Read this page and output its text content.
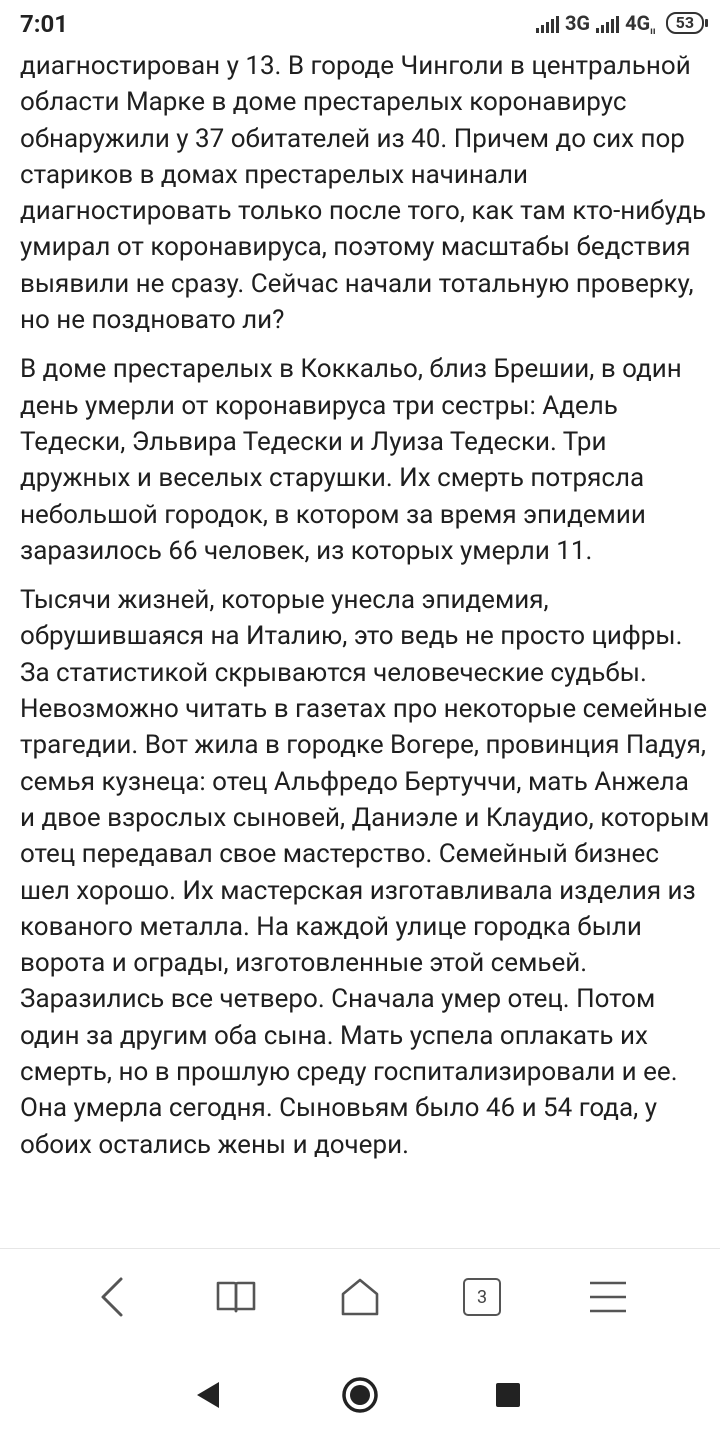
7:01	3G $4G_{ıı}$	53

диагностирован у 13. В городе Чинголи в центральной области Марке в доме престарелых коронавирус обнаружили у 37 обитателей из 40. Причем до сих пор стариков в домах престарелых начинали диагностировать только после того, как там кто-нибудь умирал от коронавируса, поэтому масштабы бедствия выявили не сразу. Сейчас начали тотальную проверку, но не поздновато ли?

В доме престарелых в Коккальо, близ Брешии, в один день умерли от коронавируса три сестры: Адель Тедески, Эльвира Тедески и Луиза Тедески. Три дружных и веселых старушки. Их смерть потрясла небольшой городок, в котором за время эпидемии заразилось 66 человек, из которых умерли 11.

Тысячи жизней, которые унесла эпидемия, обрушившаяся на Италию, это ведь не просто цифры. За статистикой скрываются человеческие судьбы. Невозможно читать в газетах про некоторые семейные трагедии. Вот жила в городке Вогере, провинция Падуя, семья кузнеца: отец Альфредо Бертуччи, мать Анжела и двое взрослых сыновей, Даниэле и Клаудио, которым отец передавал свое мастерство. Семейный бизнес шел хорошо. Их мастерская изготавливала изделия из кованого металла. На каждой улице городка были ворота и ограды, изготовленные этой семьей. Заразились все четверо. Сначала умер отец. Потом один за другим оба сына. Мать успела оплакать их смерть, но в прошлую среду госпитализировали и ее. Она умерла сегодня. Сыновьям было 46 и 54 года, у обоих остались жены и дочери.

3
